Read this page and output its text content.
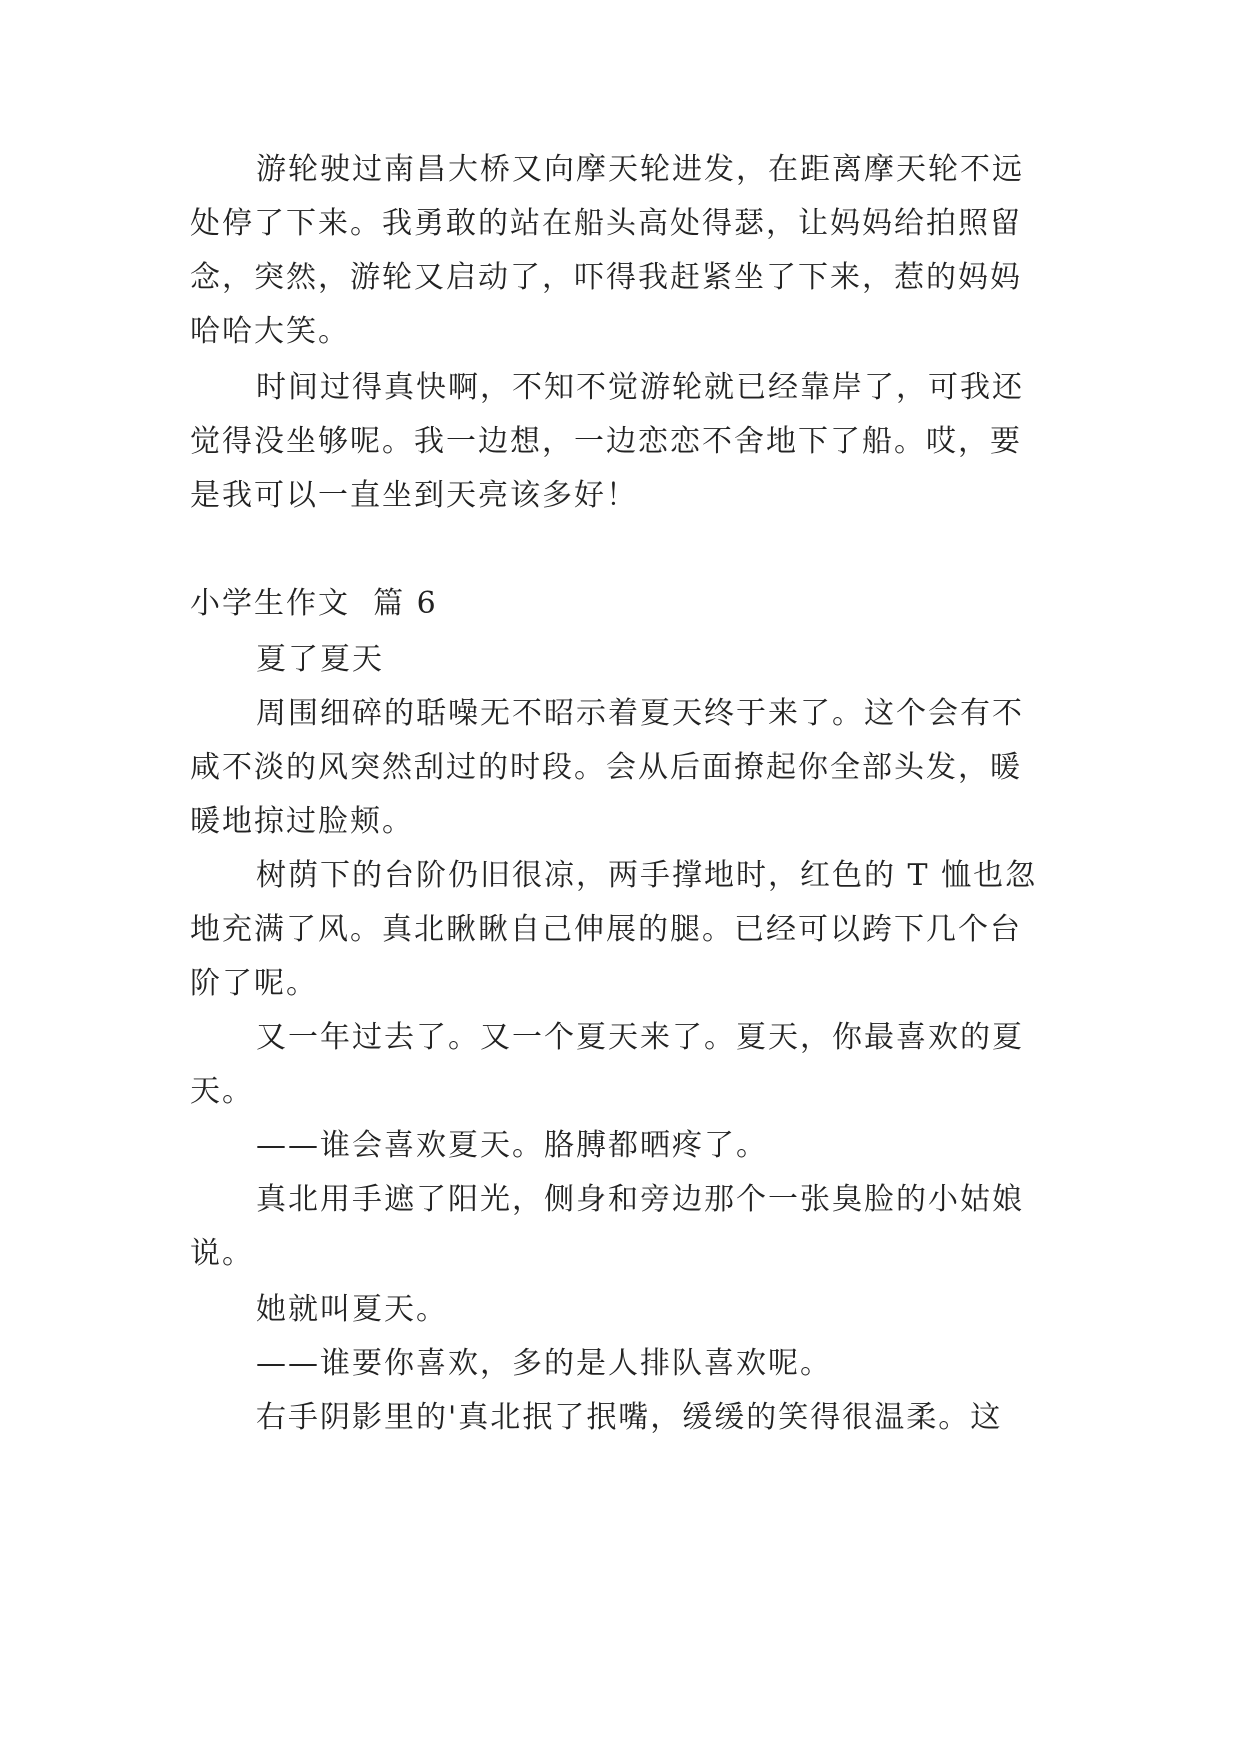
游轮驶过南昌大桥又向摩天轮进发，在距离摩天轮不远
处停了下来。我勇敢的站在船头高处得瑟，让妈妈给拍照留
念，突然，游轮又启动了，吓得我赶紧坐了下来，惹的妈妈
哈哈大笑。
时间过得真快啊，不知不觉游轮就已经靠岸了，可我还
觉得没坐够呢。我一边想，一边恋恋不舍地下了船。哎，要
是我可以一直坐到天亮该多好！
小学生作文  篇 6
夏了夏天
周围细碎的聒噪无不昭示着夏天终于来了。这个会有不
咸不淡的风突然刮过的时段。会从后面撩起你全部头发，暖
暖地掠过脸颊。
树荫下的台阶仍旧很凉，两手撑地时，红色的 T 恤也忽
地充满了风。真北瞅瞅自己伸展的腿。已经可以跨下几个台
阶了呢。
又一年过去了。又一个夏天来了。夏天，你最喜欢的夏
天。
——谁会喜欢夏天。胳膊都晒疼了。
真北用手遮了阳光，侧身和旁边那个一张臭脸的小姑娘
说。
她就叫夏天。
——谁要你喜欢，多的是人排队喜欢呢。
右手阴影里的'真北抿了抿嘴，缓缓的笑得很温柔。这
